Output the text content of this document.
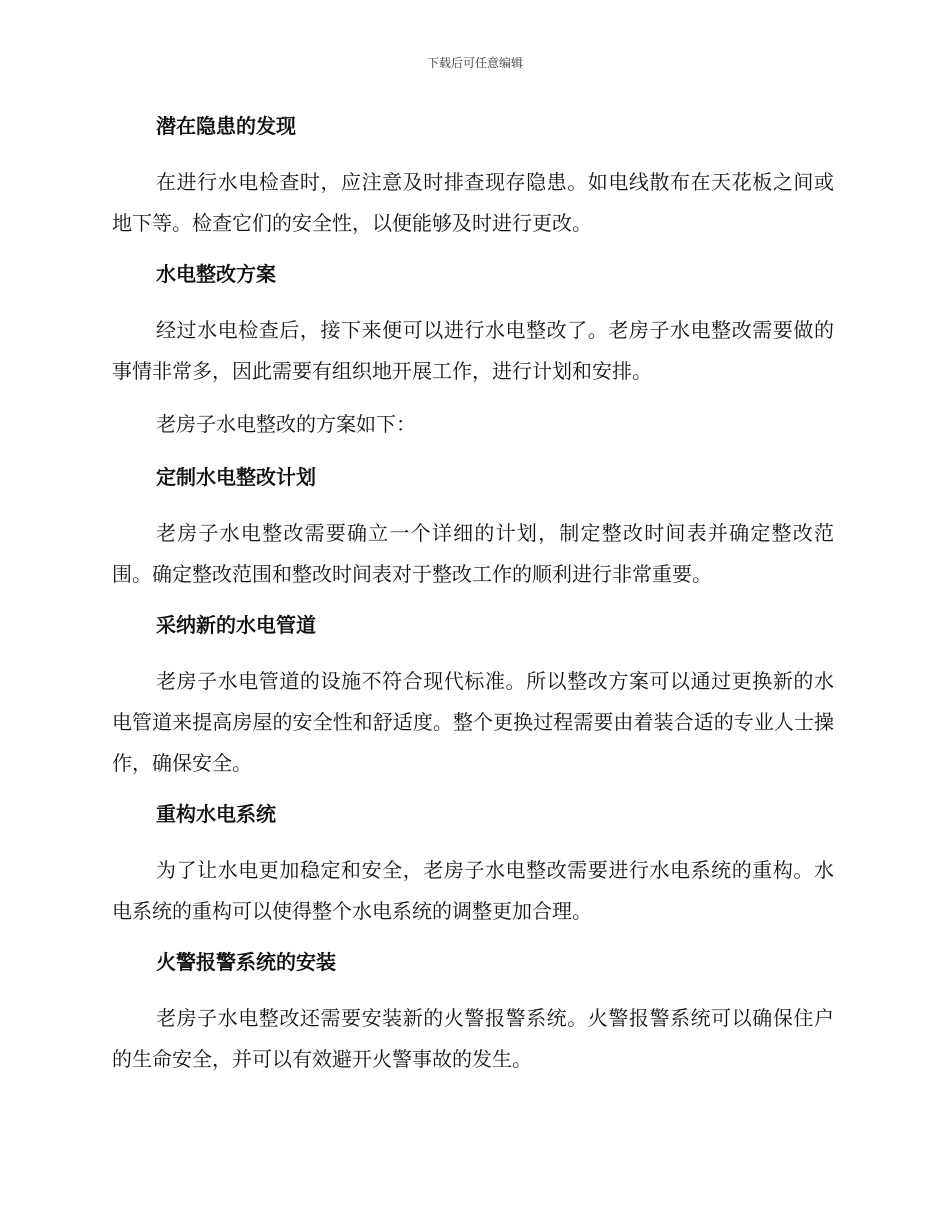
下载后可任意编辑
潜在隐患的发现
在进行水电检查时，应注意及时排查现存隐患。如电线散布在天花板之间或地下等。检查它们的安全性，以便能够及时进行更改。
水电整改方案
经过水电检查后，接下来便可以进行水电整改了。老房子水电整改需要做的事情非常多，因此需要有组织地开展工作，进行计划和安排。
老房子水电整改的方案如下：
定制水电整改计划
老房子水电整改需要确立一个详细的计划，制定整改时间表并确定整改范围。确定整改范围和整改时间表对于整改工作的顺利进行非常重要。
采纳新的水电管道
老房子水电管道的设施不符合现代标准。所以整改方案可以通过更换新的水电管道来提高房屋的安全性和舒适度。整个更换过程需要由着装合适的专业人士操作，确保安全。
重构水电系统
为了让水电更加稳定和安全，老房子水电整改需要进行水电系统的重构。水电系统的重构可以使得整个水电系统的调整更加合理。
火警报警系统的安装
老房子水电整改还需要安装新的火警报警系统。火警报警系统可以确保住户的生命安全，并可以有效避开火警事故的发生。
